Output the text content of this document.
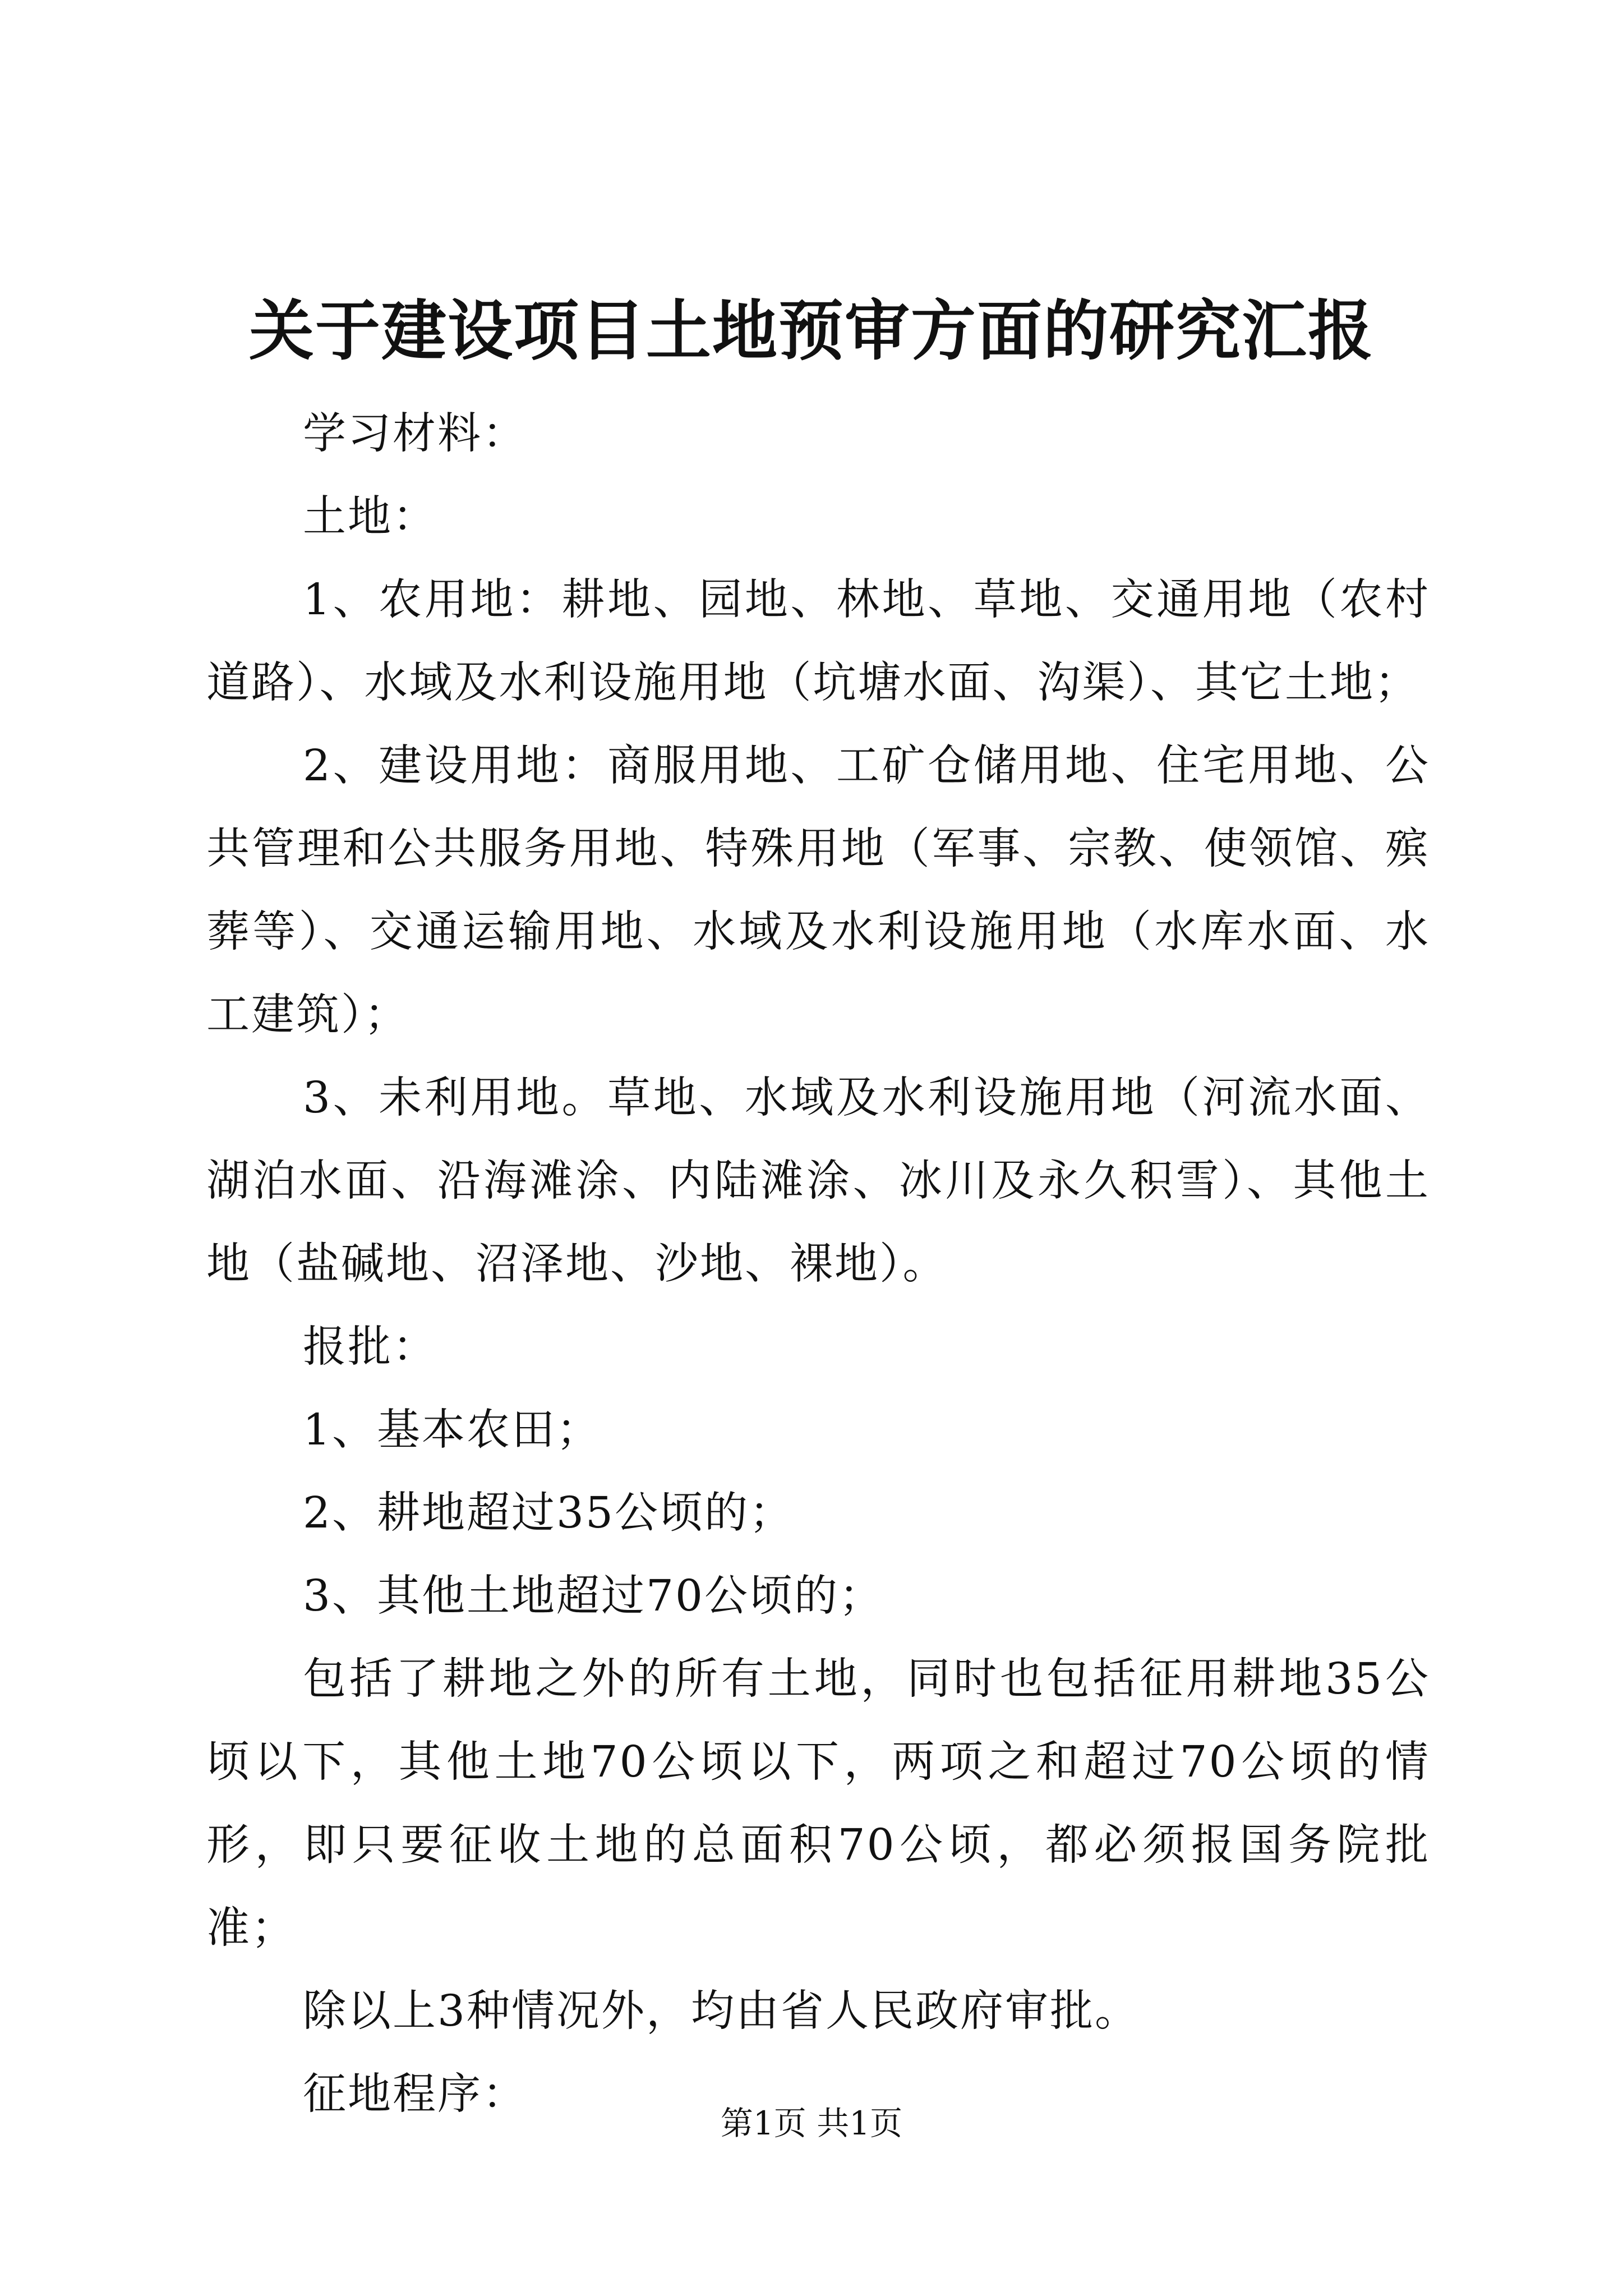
关于建设项目土地预审方面的研究汇报

学习材料：

土地：

1、农用地：耕地、园地、林地、草地、交通用地（农村道路）、水域及水利设施用地（坑塘水面、沟渠）、其它土地；

2、建设用地：商服用地、工矿仓储用地、住宅用地、公共管理和公共服务用地、特殊用地（军事、宗教、使领馆、殡葬等）、交通运输用地、水域及水利设施用地（水库水面、水工建筑）；

3、未利用地。草地、水域及水利设施用地（河流水面、湖泊水面、沿海滩涂、内陆滩涂、冰川及永久积雪）、其他土地（盐碱地、沼泽地、沙地、裸地）。

报批：

1、基本农田；

2、耕地超过35公顷的；

3、其他土地超过70公顷的；

包括了耕地之外的所有土地，同时也包括征用耕地35公顷以下，其他土地70公顷以下，两项之和超过70公顷的情形，即只要征收土地的总面积70公顷，都必须报国务院批准；

除以上3种情况外，均由省人民政府审批。

征地程序：

第1页 共1页
